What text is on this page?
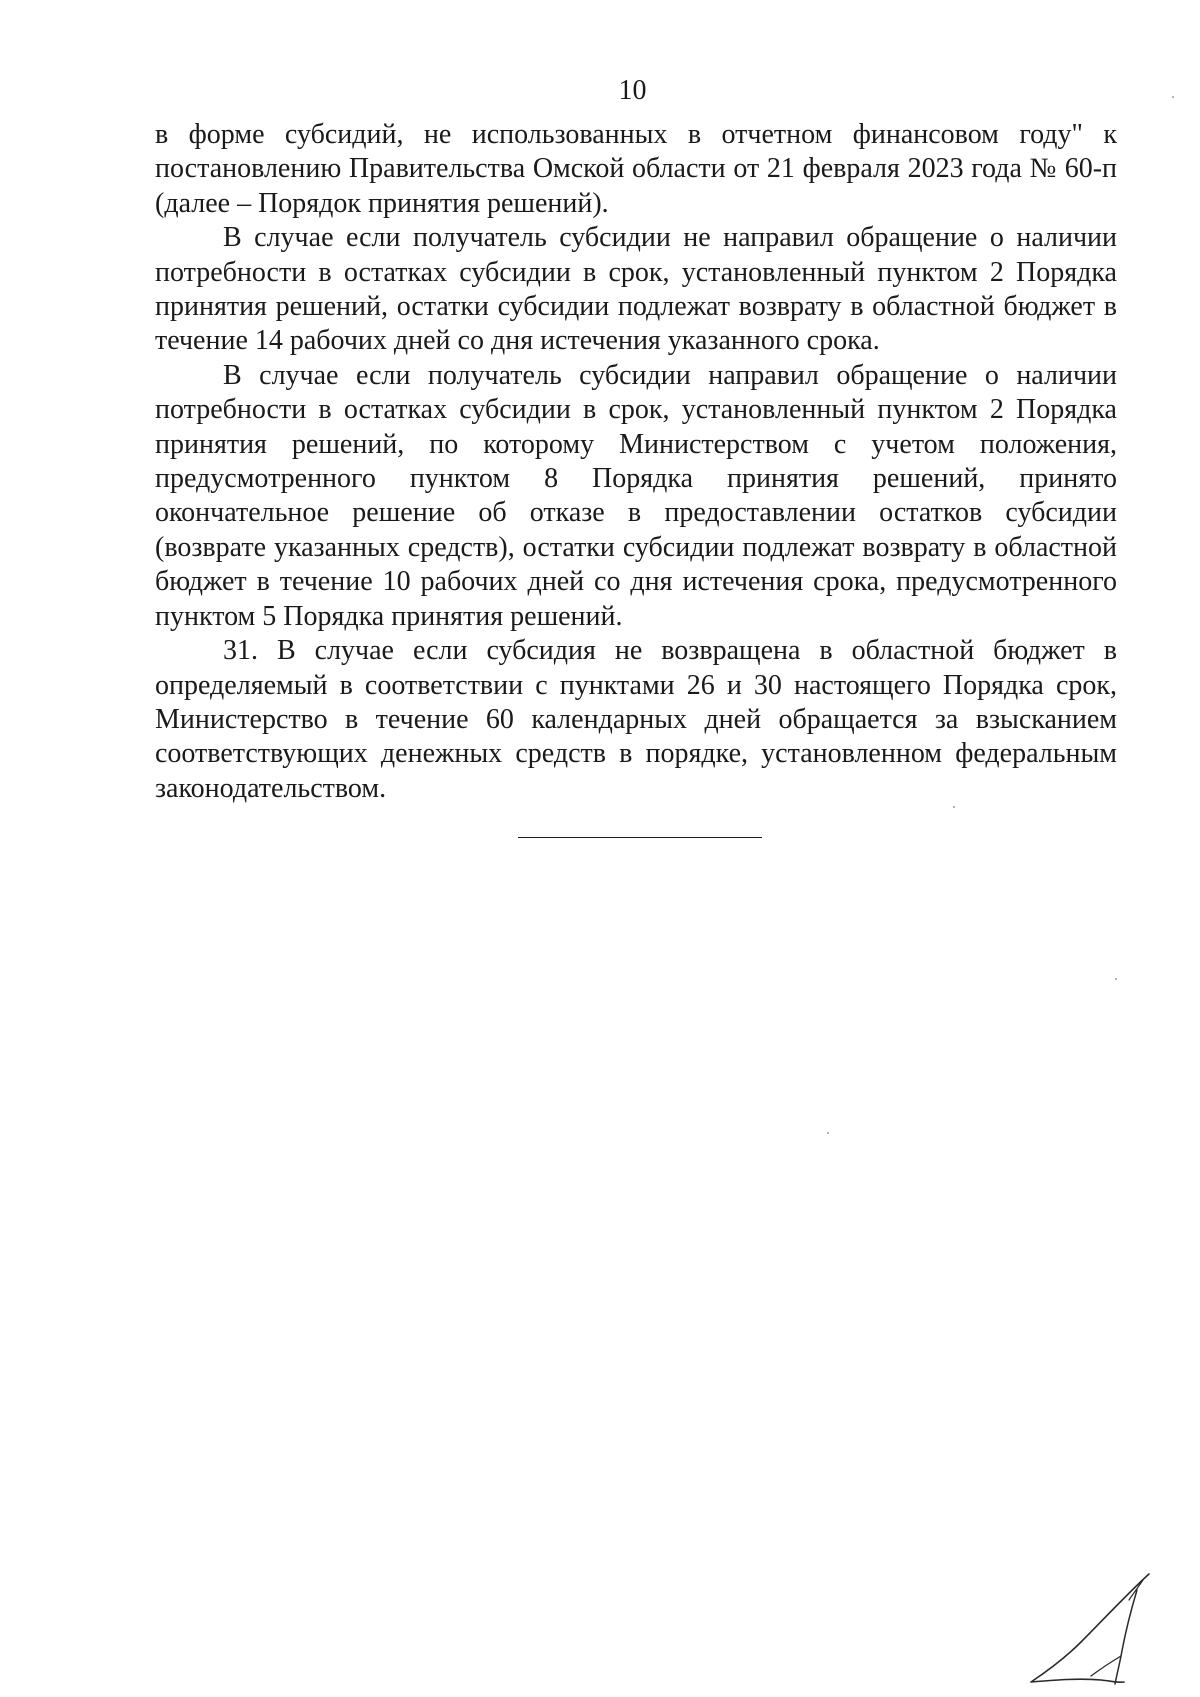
10

в форме субсидий, не использованных в отчетном финансовом году" к постановлению Правительства Омской области от 21 февраля 2023 года № 60-п (далее – Порядок принятия решений).

В случае если получатель субсидии не направил обращение о наличии потребности в остатках субсидии в срок, установленный пунктом 2 Порядка принятия решений, остатки субсидии подлежат возврату в областной бюджет в течение 14 рабочих дней со дня истечения указанного срока.

В случае если получатель субсидии направил обращение о наличии потребности в остатках субсидии в срок, установленный пунктом 2 Порядка принятия решений, по которому Министерством с учетом положения, предусмотренного пунктом 8 Порядка принятия решений, принято окончательное решение об отказе в предоставлении остатков субсидии (возврате указанных средств), остатки субсидии подлежат возврату в областной бюджет в течение 10 рабочих дней со дня истечения срока, предусмотренного пунктом 5 Порядка принятия решений.

31. В случае если субсидия не возвращена в областной бюджет в определяемый в соответствии с пунктами 26 и 30 настоящего Порядка срок, Министерство в течение 60 календарных дней обращается за взысканием соответствующих денежных средств в порядке, установленном федеральным законодательством.
